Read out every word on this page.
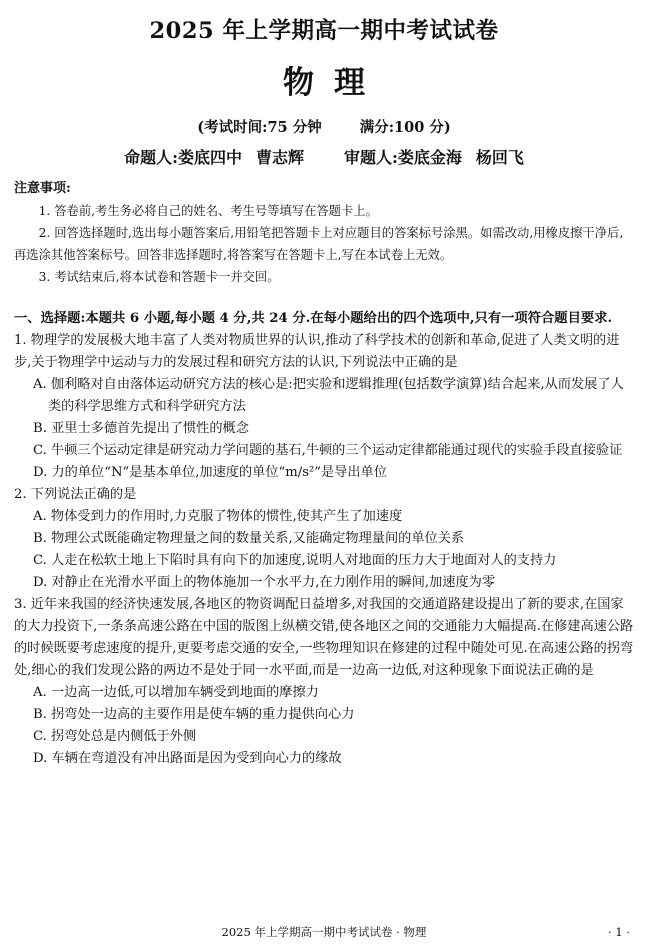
2025 年上学期高一期中考试试卷
物理
(考试时间:75 分钟	满分:100 分)
命题人:娄底四中 曹志辉	审题人:娄底金海 杨回飞
注意事项:

1. 答卷前,考生务必将自己的姓名、考生号等填写在答题卡上。

2. 回答选择题时,选出每小题答案后,用铅笔把答题卡上对应题目的答案标号涂黑。如需改动,用橡皮擦干净后,再选涂其他答案标号。回答非选择题时,将答案写在答题卡上,写在本试卷上无效。

3. 考试结束后,将本试卷和答题卡一并交回。

一、选择题:本题共 6 小题,每小题 4 分,共 24 分.在每小题给出的四个选项中,只有一项符合题目要求.

1. 物理学的发展极大地丰富了人类对物质世界的认识,推动了科学技术的创新和革命,促进了人类文明的进步,关于物理学中运动与力的发展过程和研究方法的认识,下列说法中正确的是

A. 伽利略对自由落体运动研究方法的核心是:把实验和逻辑推理(包括数学演算)结合起来,从而发展了人类的科学思维方式和科学研究方法

B. 亚里士多德首先提出了惯性的概念

C. 牛顿三个运动定律是研究动力学问题的基石,牛顿的三个运动定律都能通过现代的实验手段直接验证

D. 力的单位“N”是基本单位,加速度的单位“m/s²”是导出单位

2. 下列说法正确的是

A. 物体受到力的作用时,力克服了物体的惯性,使其产生了加速度

B. 物理公式既能确定物理量之间的数量关系,又能确定物理量间的单位关系

C. 人走在松软土地上下陷时具有向下的加速度,说明人对地面的压力大于地面对人的支持力

D. 对静止在光滑水平面上的物体施加一个水平力,在力刚作用的瞬间,加速度为零

3. 近年来我国的经济快速发展,各地区的物资调配日益增多,对我国的交通道路建设提出了新的要求,在国家的大力投资下,一条条高速公路在中国的版图上纵横交错,使各地区之间的交通能力大幅提高.在修建高速公路的时候既要考虑速度的提升,更要考虑交通的安全,一些物理知识在修建的过程中随处可见.在高速公路的拐弯处,细心的我们发现公路的两边不是处于同一水平面,而是一边高一边低,对这种现象下面说法正确的是

A. 一边高一边低,可以增加车辆受到地面的摩擦力

B. 拐弯处一边高的主要作用是使车辆的重力提供向心力

C. 拐弯处总是内侧低于外侧

D. 车辆在弯道没有冲出路面是因为受到向心力的缘故

2025 年上学期高一期中考试试卷 · 物理	· 1 ·
